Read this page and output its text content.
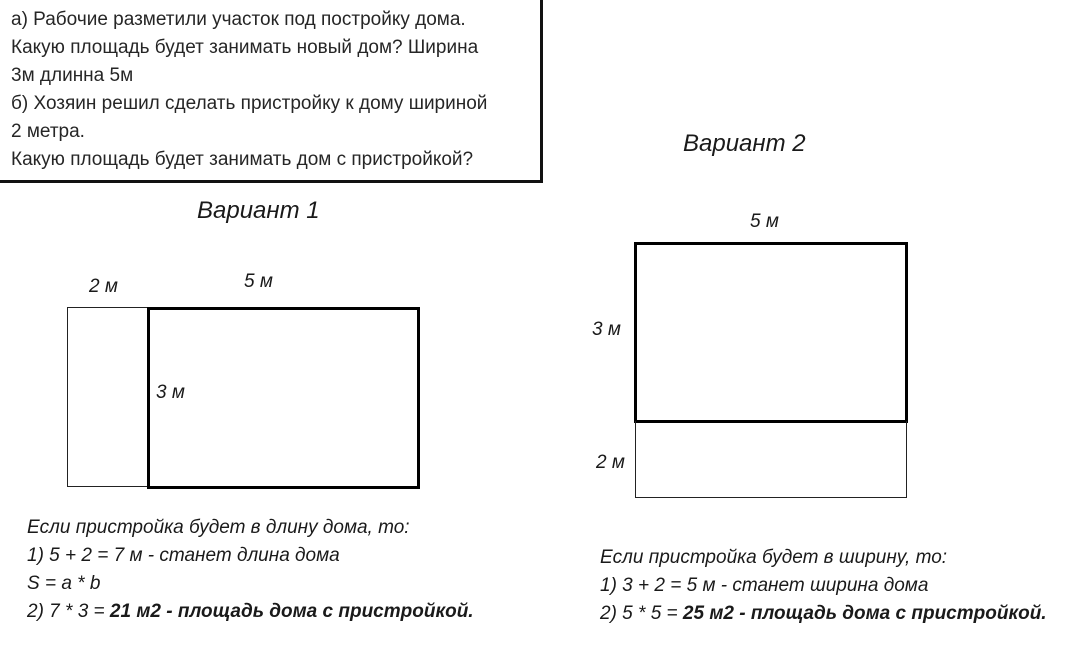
а) Рабочие разметили участок под постройку дома.
Какую площадь будет занимать новый дом? Ширина
3м длинна 5м
б) Хозяин решил сделать пристройку к дому шириной
2 метра.
Какую площадь будет занимать дом с пристройкой?
Вариант 1
2 м	5 м
3 м
Если пристройка будет в длину дома, то:
1) 5 + 2 = 7 м - станет длина дома
S = a * b
2) 7 * 3 = 21 м2 - площадь дома с пристройкой.
Вариант 2
5 м
3 м
2 м
Если пристройка будет в ширину, то:
1) 3 + 2 = 5 м - станет ширина дома
2) 5 * 5 = 25 м2 - площадь дома с пристройкой.
